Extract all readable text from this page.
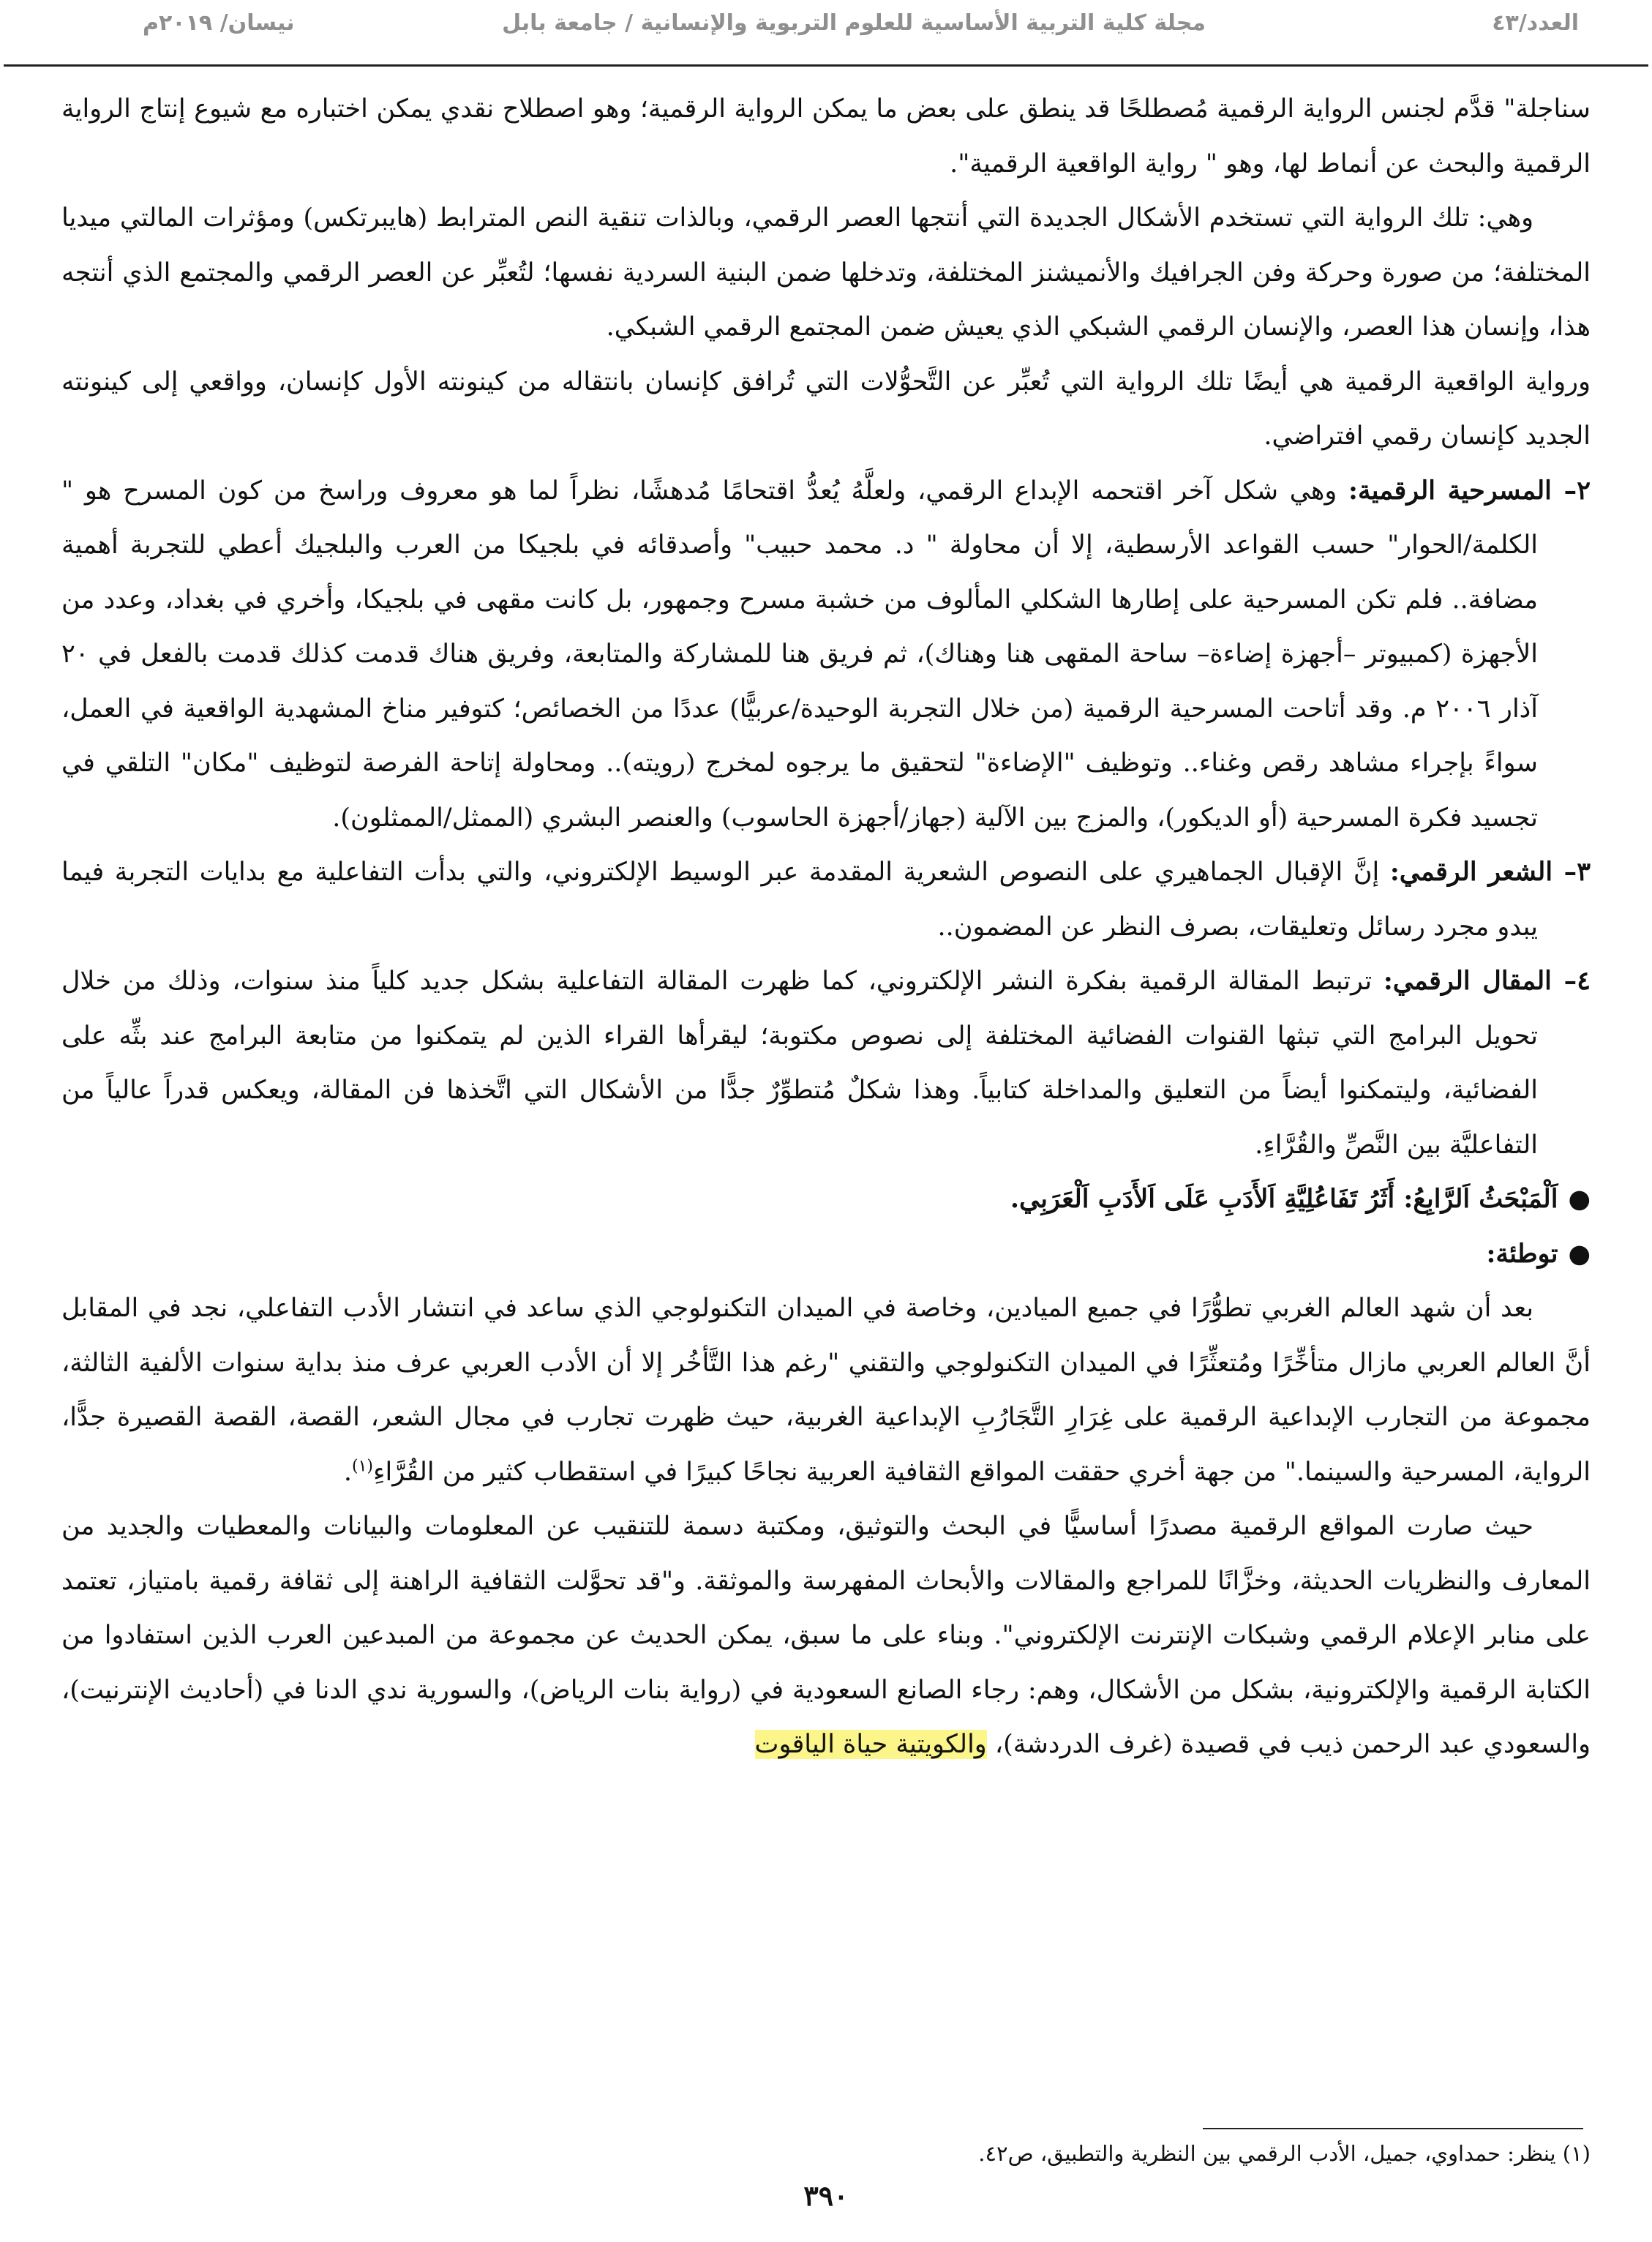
العدد/٤٣
مجلة كلية التربية الأساسية للعلوم التربوية والإنسانية / جامعة بابل
نيسان/ ٢٠١٩م

سناجلة" قدَّم لجنس الرواية الرقمية مُصطلحًا قد ينطق على بعض ما يمكن الرواية الرقمية؛ وهو اصطلاح نقدي يمكن اختباره مع شيوع إنتاج الرواية الرقمية والبحث عن أنماط لها، وهو " رواية الواقعية الرقمية".

وهي: تلك الرواية التي تستخدم الأشكال الجديدة التي أنتجها العصر الرقمي، وبالذات تنقية النص المترابط (هايبرتكس) ومؤثرات المالتي ميديا المختلفة؛ من صورة وحركة وفن الجرافيك والأنميشنز المختلفة، وتدخلها ضمن البنية السردية نفسها؛ لتُعبِّر عن العصر الرقمي والمجتمع الذي أنتجه هذا، وإنسان هذا العصر، والإنسان الرقمي الشبكي الذي يعيش ضمن المجتمع الرقمي الشبكي.

ورواية الواقعية الرقمية هي أيضًا تلك الرواية التي تُعبِّر عن التَّحوُّلات التي تُرافق كإنسان بانتقاله من كينونته الأول كإنسان، وواقعي إلى كينونته الجديد كإنسان رقمي افتراضي.

٢– المسرحية الرقمية: وهي شكل آخر اقتحمه الإبداع الرقمي، ولعلَّهُ يُعدُّ اقتحامًا مُدهشًا، نظراً لما هو معروف وراسخ من كون المسرح هو " الكلمة/الحوار" حسب القواعد الأرسطية، إلا أن محاولة " د. محمد حبيب" وأصدقائه في بلجيكا من العرب والبلجيك أعطي للتجربة أهمية مضافة.. فلم تكن المسرحية على إطارها الشكلي المألوف من خشبة مسرح وجمهور، بل كانت مقهى في بلجيكا، وأخري في بغداد، وعدد من الأجهزة (كمبيوتر –أجهزة إضاءة– ساحة المقهى هنا وهناك)، ثم فريق هنا للمشاركة والمتابعة، وفريق هناك قدمت كذلك قدمت بالفعل في ٢٠ آذار ٢٠٠٦ م. وقد أتاحت المسرحية الرقمية (من خلال التجربة الوحيدة/عربيًّا) عددًا من الخصائص؛ كتوفير مناخ المشهدية الواقعية في العمل، سواءً بإجراء مشاهد رقص وغناء.. وتوظيف "الإضاءة" لتحقيق ما يرجوه لمخرج (رويته).. ومحاولة إتاحة الفرصة لتوظيف "مكان" التلقي في تجسيد فكرة المسرحية (أو الديكور)، والمزج بين الآلية (جهاز/أجهزة الحاسوب) والعنصر البشري (الممثل/الممثلون).

٣– الشعر الرقمي: إنَّ الإقبال الجماهيري على النصوص الشعرية المقدمة عبر الوسيط الإلكتروني، والتي بدأت التفاعلية مع بدايات التجربة فيما يبدو مجرد رسائل وتعليقات، بصرف النظر عن المضمون..

٤– المقال الرقمي: ترتبط المقالة الرقمية بفكرة النشر الإلكتروني، كما ظهرت المقالة التفاعلية بشكل جديد كلياً منذ سنوات، وذلك من خلال تحويل البرامج التي تبثها القنوات الفضائية المختلفة إلى نصوص مكتوبة؛ ليقرأها القراء الذين لم يتمكنوا من متابعة البرامج عند بثِّه على الفضائية، وليتمكنوا أيضاً من التعليق والمداخلة كتابياً. وهذا شكلٌ مُتطوِّرٌ جدًّا من الأشكال التي اتَّخذها فن المقالة، ويعكس قدراً عالياً من التفاعليَّة بين النَّصِّ والقُرَّاءِ.

●اَلْمَبْحَثُ اَلرَّابِعُ: أَثَرُ تَفَاعُلِيَّةِ اَلأَدَبِ عَلَى اَلأَدَبِ اَلْعَرَبِي.

●توطئة:

بعد أن شهد العالم الغربي تطوُّرًا في جميع الميادين، وخاصة في الميدان التكنولوجي الذي ساعد في انتشار الأدب التفاعلي، نجد في المقابل أنَّ العالم العربي مازال متأخِّرًا ومُتعثِّرًا في الميدان التكنولوجي والتقني "رغم هذا التَّأخُر إلا أن الأدب العربي عرف منذ بداية سنوات الألفية الثالثة، مجموعة من التجارب الإبداعية الرقمية على غِرَارِ التَّجَارُبِ الإبداعية الغربية، حيث ظهرت تجارب في مجال الشعر، القصة، القصة القصيرة جدًّا، الرواية، المسرحية والسينما." من جهة أخري حققت المواقع الثقافية العربية نجاحًا كبيرًا في استقطاب كثير من القُرَّاءِ$^{(١)}$.

حيث صارت المواقع الرقمية مصدرًا أساسيًّا في البحث والتوثيق، ومكتبة دسمة للتنقيب عن المعلومات والبيانات والمعطيات والجديد من المعارف والنظريات الحديثة، وخزَّانًا للمراجع والمقالات والأبحاث المفهرسة والموثقة. و"قد تحوَّلت الثقافية الراهنة إلى ثقافة رقمية بامتياز، تعتمد على منابر الإعلام الرقمي وشبكات الإنترنت الإلكتروني". وبناء على ما سبق، يمكن الحديث عن مجموعة من المبدعين العرب الذين استفادوا من الكتابة الرقمية والإلكترونية، بشكل من الأشكال، وهم: رجاء الصانع السعودية في (رواية بنات الرياض)، والسورية ندي الدنا في (أحاديث الإنترنيت)، والسعودي عبد الرحمن ذيب في قصيدة (غرف الدردشة)، والكويتية حياة الياقوت

(١) ينظر: حمداوي، جميل، الأدب الرقمي بين النظرية والتطبيق، ص٤٢.
٣٩٠
